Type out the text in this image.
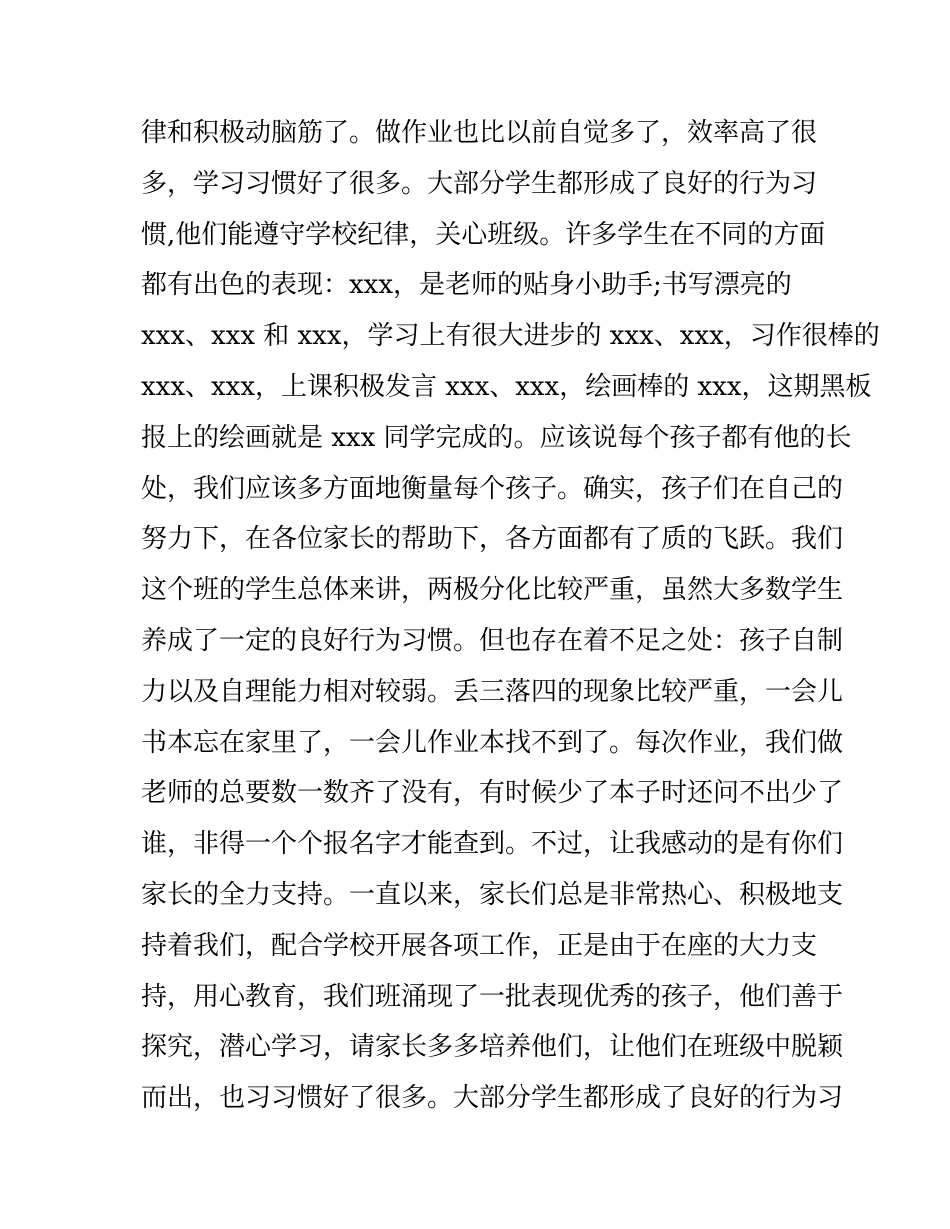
律和积极动脑筋了。做作业也比以前自觉多了，效率高了很
多，学习习惯好了很多。大部分学生都形成了良好的行为习
惯,他们能遵守学校纪律，关心班级。许多学生在不同的方面
都有出色的表现：xxx，是老师的贴身小助手;书写漂亮的
xxx、xxx 和 xxx，学习上有很大进步的 xxx、xxx，习作很棒的
xxx、xxx，上课积极发言 xxx、xxx，绘画棒的 xxx，这期黑板
报上的绘画就是 xxx 同学完成的。应该说每个孩子都有他的长
处，我们应该多方面地衡量每个孩子。确实，孩子们在自己的
努力下，在各位家长的帮助下，各方面都有了质的飞跃。我们
这个班的学生总体来讲，两极分化比较严重，虽然大多数学生
养成了一定的良好行为习惯。但也存在着不足之处：孩子自制
力以及自理能力相对较弱。丢三落四的现象比较严重，一会儿
书本忘在家里了，一会儿作业本找不到了。每次作业，我们做
老师的总要数一数齐了没有，有时候少了本子时还问不出少了
谁，非得一个个报名字才能查到。不过，让我感动的是有你们
家长的全力支持。一直以来，家长们总是非常热心、积极地支
持着我们，配合学校开展各项工作，正是由于在座的大力支
持，用心教育，我们班涌现了一批表现优秀的孩子，他们善于
探究，潜心学习，请家长多多培养他们，让他们在班级中脱颖
而出，也习习惯好了很多。大部分学生都形成了良好的行为习
